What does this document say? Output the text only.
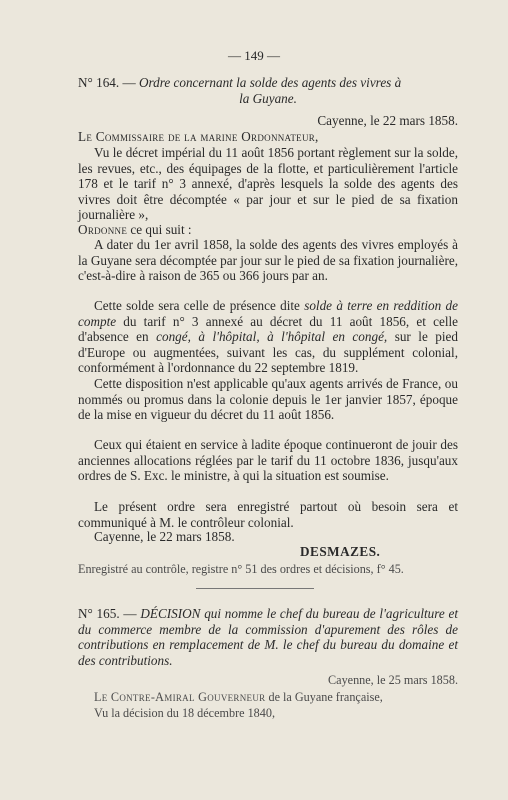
— 149 —

N° 164. — Ordre concernant la solde des agents des vivres à
la Guyane.

Cayenne, le 22 mars 1858.

Le Commissaire de la marine Ordonnateur,

Vu le décret impérial du 11 août 1856 portant règlement sur la solde, les revues, etc., des équipages de la flotte, et particulièrement l'article 178 et le tarif n° 3 annexé, d'après lesquels la solde des agents des vivres doit être décomptée « par jour et sur le pied de sa fixation journalière »,

Ordonne ce qui suit :

A dater du 1er avril 1858, la solde des agents des vivres employés à la Guyane sera décomptée par jour sur le pied de sa fixation journalière, c'est-à-dire à raison de 365 ou 366 jours par an.

Cette solde sera celle de présence dite solde à terre en reddition de compte du tarif n° 3 annexé au décret du 11 août 1856, et celle d'absence en congé, à l'hôpital, à l'hôpital en congé, sur le pied d'Europe ou augmentées, suivant les cas, du supplément colonial, conformément à l'ordonnance du 22 septembre 1819.

Cette disposition n'est applicable qu'aux agents arrivés de France, ou nommés ou promus dans la colonie depuis le 1er janvier 1857, époque de la mise en vigueur du décret du 11 août 1856.

Ceux qui étaient en service à ladite époque continueront de jouir des anciennes allocations réglées par le tarif du 11 octobre 1836, jusqu'aux ordres de S. Exc. le ministre, à qui la situation est soumise.

Le présent ordre sera enregistré partout où besoin sera et communiqué à M. le contrôleur colonial.

Cayenne, le 22 mars 1858.

DESMAZES.

Enregistré au contrôle, registre n° 51 des ordres et décisions, f° 45.

N° 165. — DÉCISION qui nomme le chef du bureau de l'agriculture et du commerce membre de la commission d'apurement des rôles de contributions en remplacement de M. le chef du bureau du domaine et des contributions.

Cayenne, le 25 mars 1858.

Le Contre-Amiral Gouverneur de la Guyane française,

Vu la décision du 18 décembre 1840,
